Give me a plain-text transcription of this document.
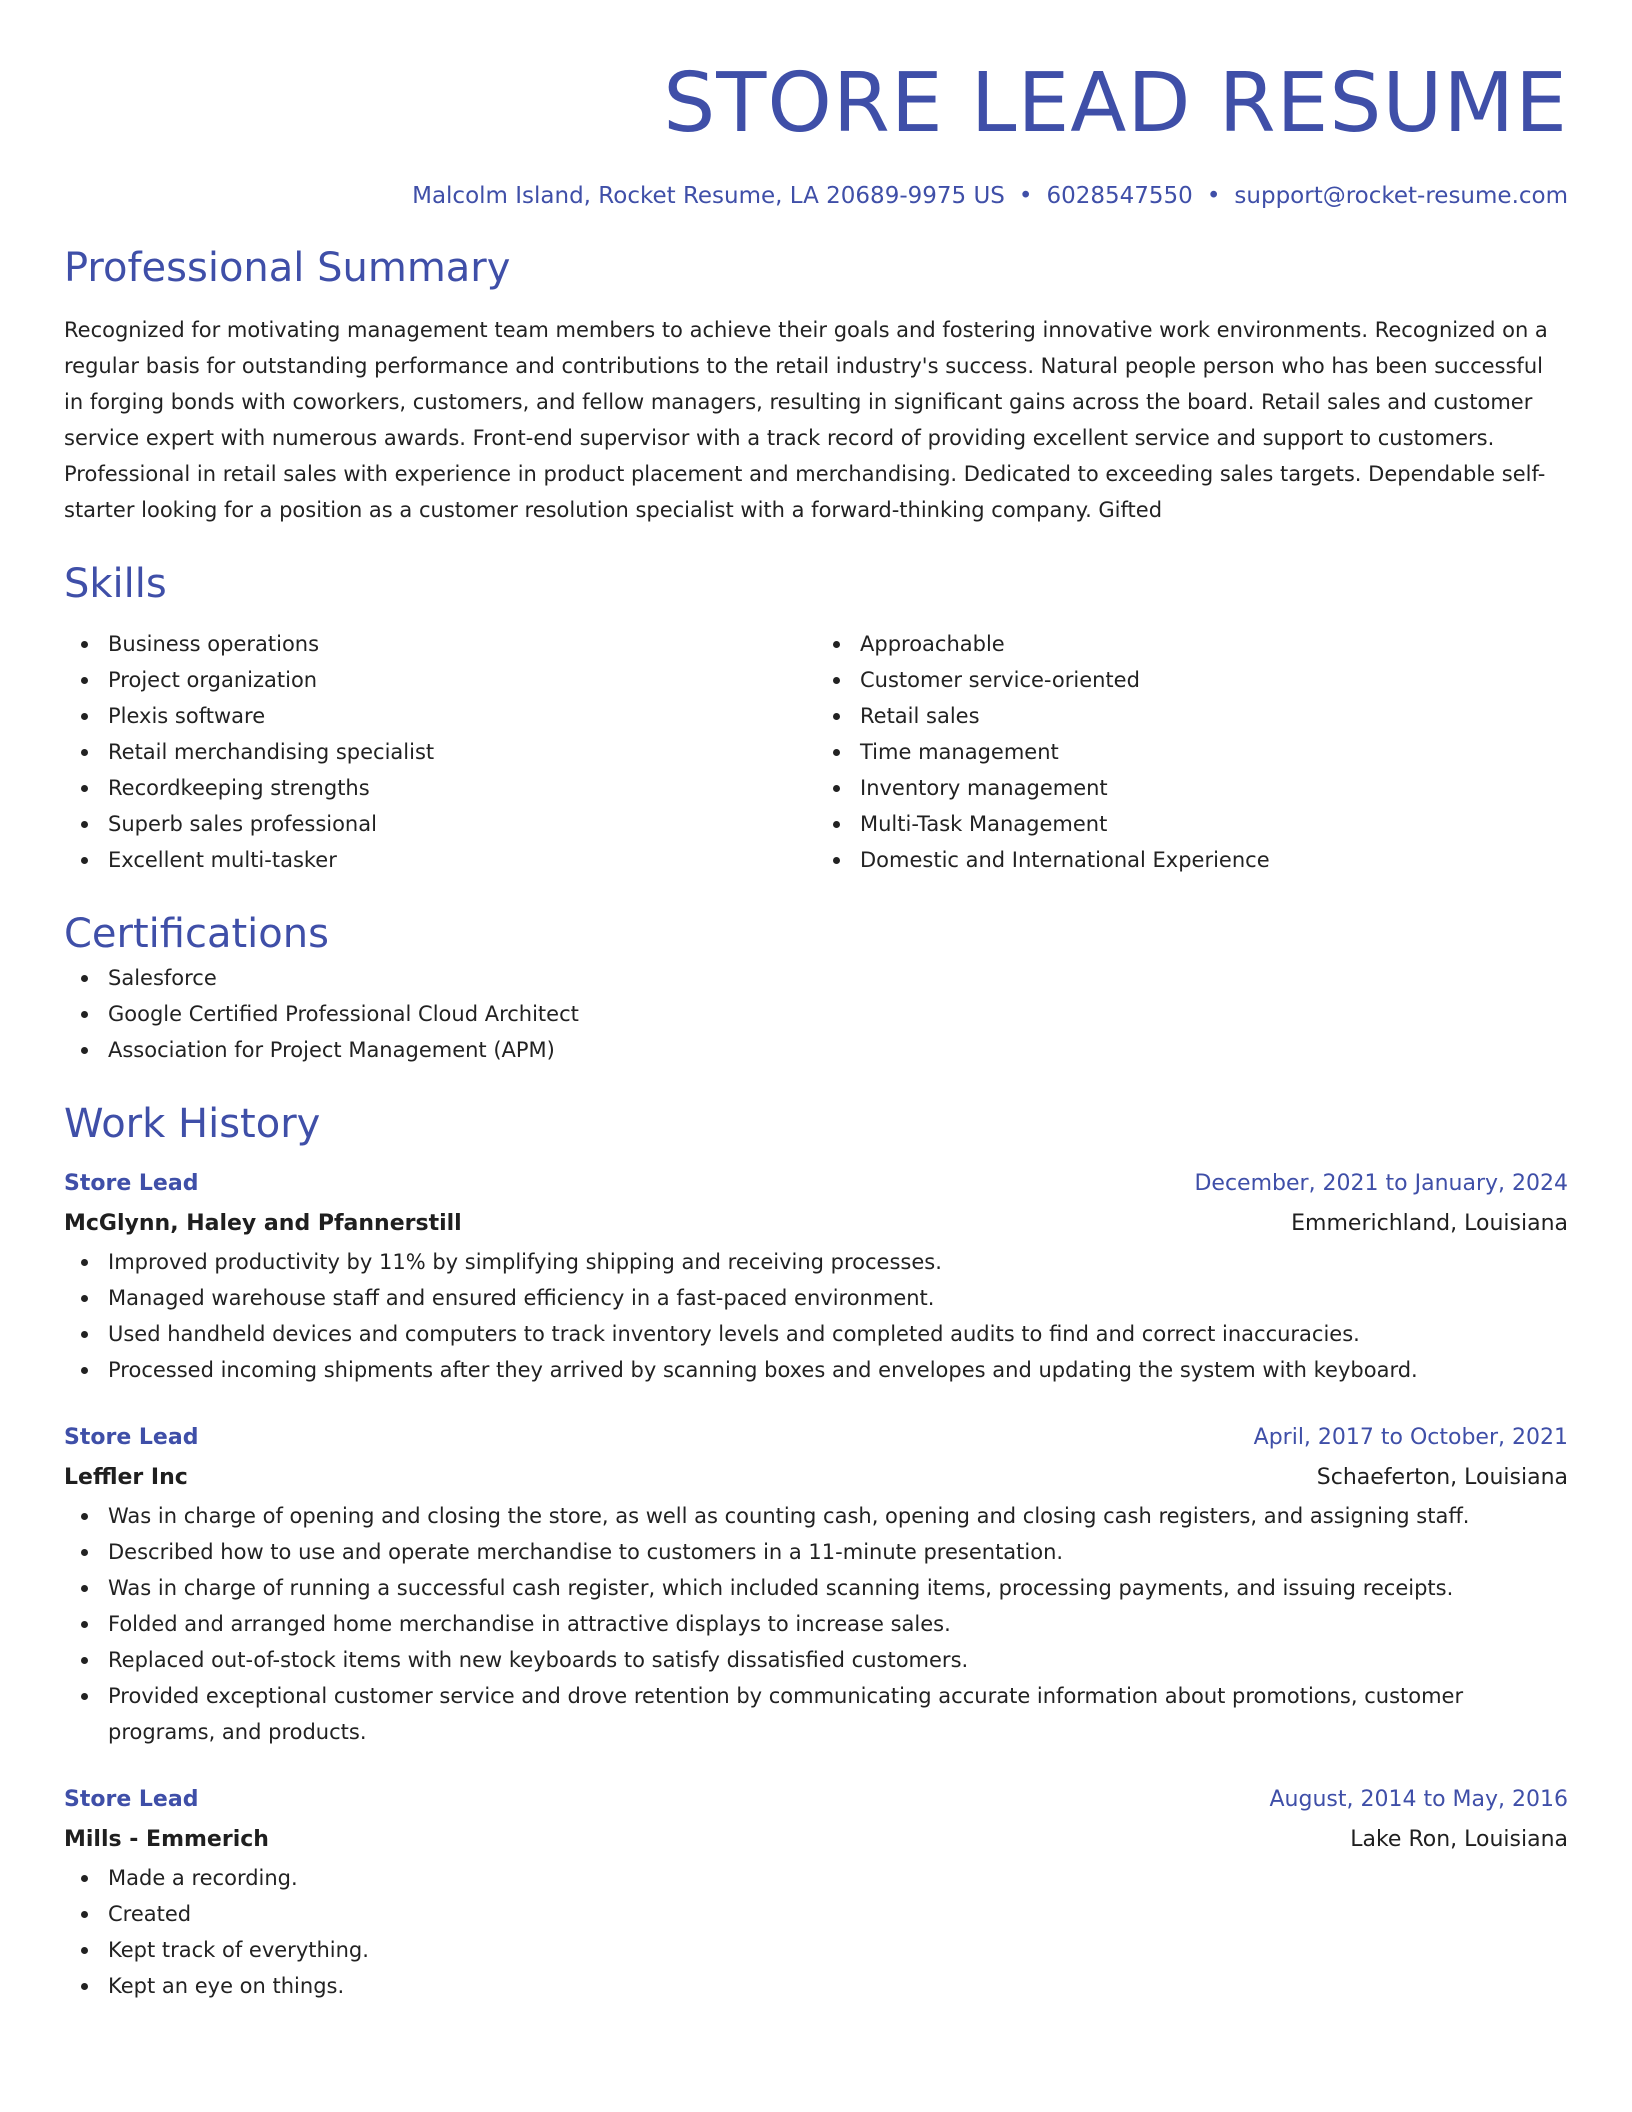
STORE LEAD RESUME
Malcolm Island, Rocket Resume, LA 20689-9975 US • 6028547550 • support@rocket-resume.com
Professional Summary
Recognized for motivating management team members to achieve their goals and fostering innovative work environments. Recognized on a regular basis for outstanding performance and contributions to the retail industry's success. Natural people person who has been successful in forging bonds with coworkers, customers, and fellow managers, resulting in significant gains across the board. Retail sales and customer service expert with numerous awards. Front-end supervisor with a track record of providing excellent service and support to customers. Professional in retail sales with experience in product placement and merchandising. Dedicated to exceeding sales targets. Dependable self-starter looking for a position as a customer resolution specialist with a forward-thinking company. Gifted
Skills
Business operations
Project organization
Plexis software
Retail merchandising specialist
Recordkeeping strengths
Superb sales professional
Excellent multi-tasker
Approachable
Customer service-oriented
Retail sales
Time management
Inventory management
Multi-Task Management
Domestic and International Experience
Certifications
Salesforce
Google Certified Professional Cloud Architect
Association for Project Management (APM)
Work History
Store Lead	December, 2021 to January, 2024
McGlynn, Haley and Pfannerstill	Emmerichland, Louisiana
Improved productivity by 11% by simplifying shipping and receiving processes.
Managed warehouse staff and ensured efficiency in a fast-paced environment.
Used handheld devices and computers to track inventory levels and completed audits to find and correct inaccuracies.
Processed incoming shipments after they arrived by scanning boxes and envelopes and updating the system with keyboard.
Store Lead	April, 2017 to October, 2021
Leffler Inc	Schaeferton, Louisiana
Was in charge of opening and closing the store, as well as counting cash, opening and closing cash registers, and assigning staff.
Described how to use and operate merchandise to customers in a 11-minute presentation.
Was in charge of running a successful cash register, which included scanning items, processing payments, and issuing receipts.
Folded and arranged home merchandise in attractive displays to increase sales.
Replaced out-of-stock items with new keyboards to satisfy dissatisfied customers.
Provided exceptional customer service and drove retention by communicating accurate information about promotions, customer programs, and products.
Store Lead	August, 2014 to May, 2016
Mills - Emmerich	Lake Ron, Louisiana
Made a recording.
Created
Kept track of everything.
Kept an eye on things.
